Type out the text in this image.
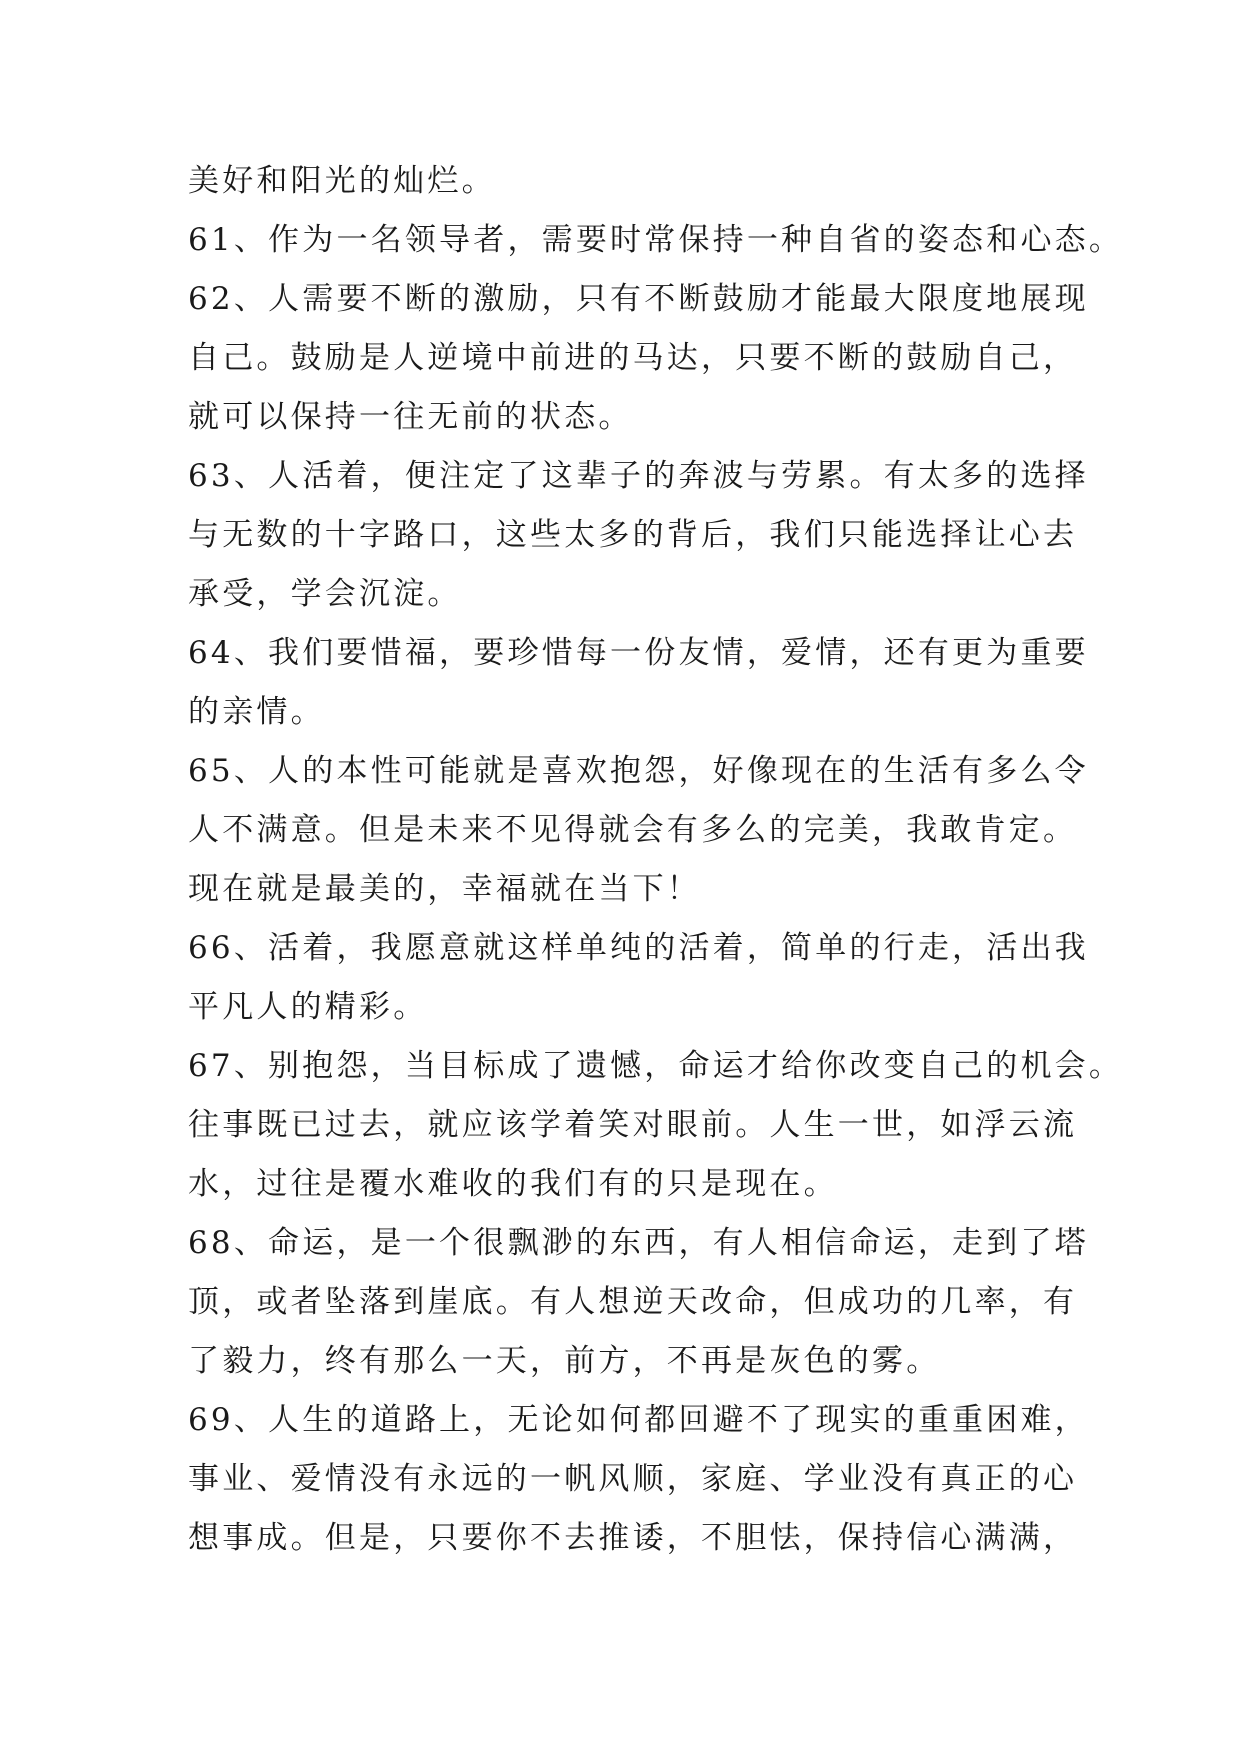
美好和阳光的灿烂。
61、作为一名领导者，需要时常保持一种自省的姿态和心态。
62、人需要不断的激励，只有不断鼓励才能最大限度地展现
自己。鼓励是人逆境中前进的马达，只要不断的鼓励自己，
就可以保持一往无前的状态。
63、人活着，便注定了这辈子的奔波与劳累。有太多的选择
与无数的十字路口，这些太多的背后，我们只能选择让心去
承受，学会沉淀。
64、我们要惜福，要珍惜每一份友情，爱情，还有更为重要
的亲情。
65、人的本性可能就是喜欢抱怨，好像现在的生活有多么令
人不满意。但是未来不见得就会有多么的完美，我敢肯定。
现在就是最美的，幸福就在当下！
66、活着，我愿意就这样单纯的活着，简单的行走，活出我
平凡人的精彩。
67、别抱怨，当目标成了遗憾，命运才给你改变自己的机会。
往事既已过去，就应该学着笑对眼前。人生一世，如浮云流
水，过往是覆水难收的我们有的只是现在。
68、命运，是一个很飘渺的东西，有人相信命运，走到了塔
顶，或者坠落到崖底。有人想逆天改命，但成功的几率，有
了毅力，终有那么一天，前方，不再是灰色的雾。
69、人生的道路上，无论如何都回避不了现实的重重困难，
事业、爱情没有永远的一帆风顺，家庭、学业没有真正的心
想事成。但是，只要你不去推诿，不胆怯，保持信心满满，
